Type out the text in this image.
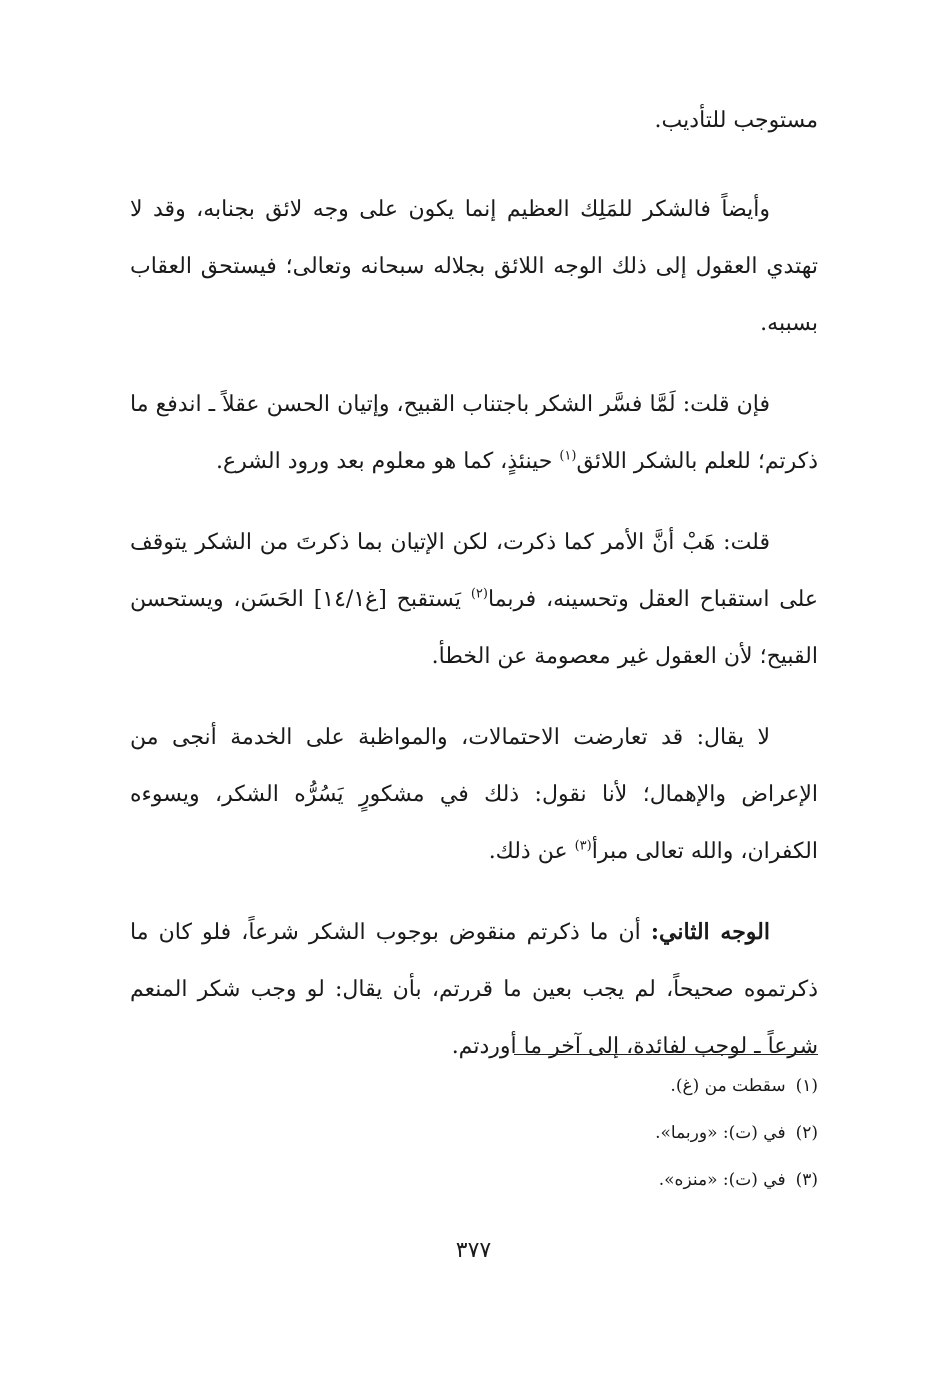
مستوجب للتأديب.

وأيضاً فالشكر للمَلِك العظيم إنما يكون على وجه لائق بجنابه، وقد لا تهتدي العقول إلى ذلك الوجه اللائق بجلاله سبحانه وتعالى؛ فيستحق العقاب بسببه.

فإن قلت: لَمَّا فسَّر الشكر باجتناب القبيح، وإتيان الحسن عقلاً ـ اندفع ما ذكرتم؛ للعلم بالشكر اللائق$^{(١)}$ حينئذٍ، كما هو معلوم بعد ورود الشرع.

قلت: هَبْ أنَّ الأمر كما ذكرت، لكن الإتيان بما ذكرتَ من الشكر يتوقف على استقباح العقل وتحسينه، فربما$^{(٢)}$ يَستقبح [غ١٤/١] الحَسَن، ويستحسن القبيح؛ لأن العقول غير معصومة عن الخطأ.

لا يقال: قد تعارضت الاحتمالات، والمواظبة على الخدمة أنجى من الإعراض والإهمال؛ لأنا نقول: ذلك في مشكورٍ يَسُرُّه الشكر، ويسوءه الكفران، والله تعالى مبرأ$^{(٣)}$ عن ذلك.

الوجه الثاني: أن ما ذكرتم منقوض بوجوب الشكر شرعاً، فلو كان ما ذكرتموه صحيحاً، لم يجب بعين ما قررتم، بأن يقال: لو وجب شكر المنعم شرعاً ـ لوجب لفائدة، إلى آخر ما أوردتم.

(١)سقطت من (غ).
(٢)في (ت): «وربما».
(٣)في (ت): «منزه».
٣٧٧
